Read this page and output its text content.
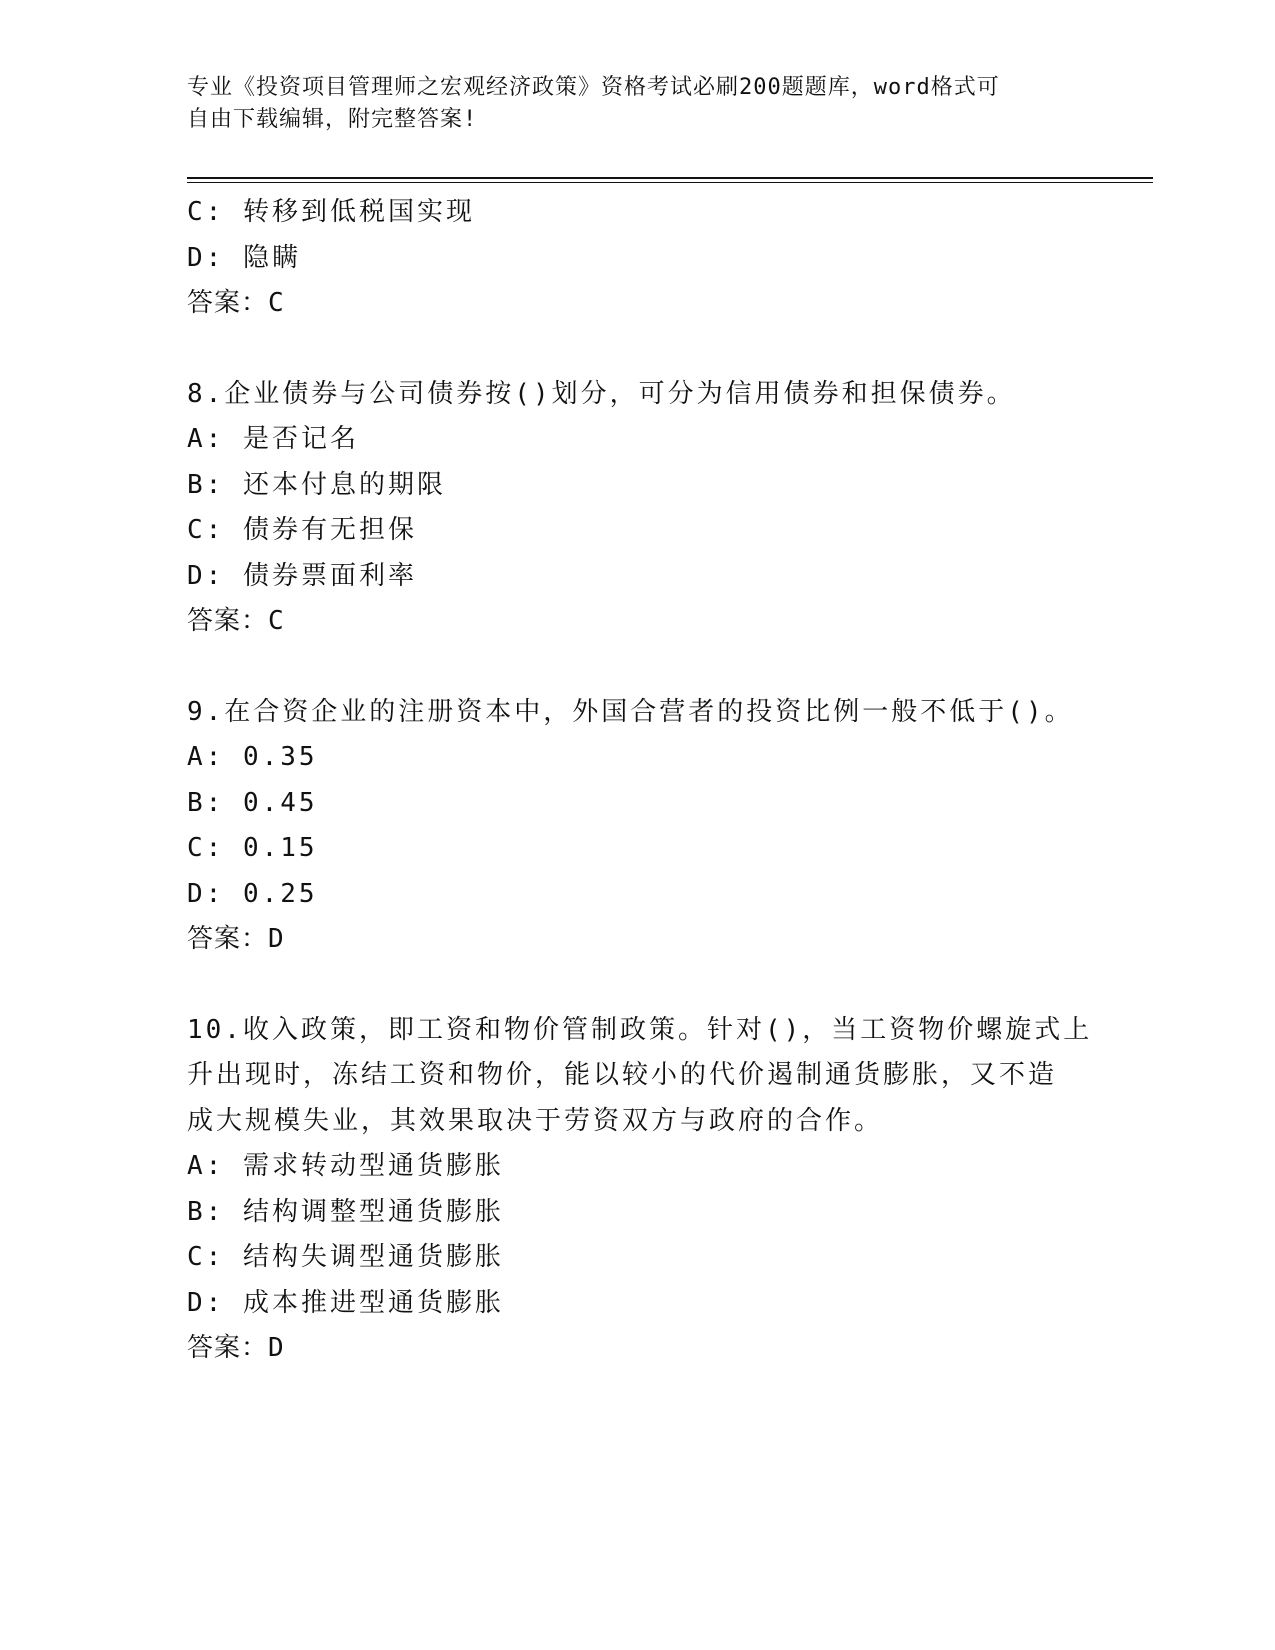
专业《投资项目管理师之宏观经济政策》资格考试必刷200题题库，word格式可
自由下载编辑，附完整答案!
C: 转移到低税国实现
D: 隐瞒
答案：C
8.企业债券与公司债券按()划分，可分为信用债券和担保债券。
A: 是否记名
B: 还本付息的期限
C: 债券有无担保
D: 债券票面利率
答案：C
9.在合资企业的注册资本中，外国合营者的投资比例一般不低于()。
A: 0.35
B: 0.45
C: 0.15
D: 0.25
答案：D
10.收入政策，即工资和物价管制政策。针对()，当工资物价螺旋式上
升出现时，冻结工资和物价，能以较小的代价遏制通货膨胀，又不造
成大规模失业，其效果取决于劳资双方与政府的合作。
A: 需求转动型通货膨胀
B: 结构调整型通货膨胀
C: 结构失调型通货膨胀
D: 成本推进型通货膨胀
答案：D
